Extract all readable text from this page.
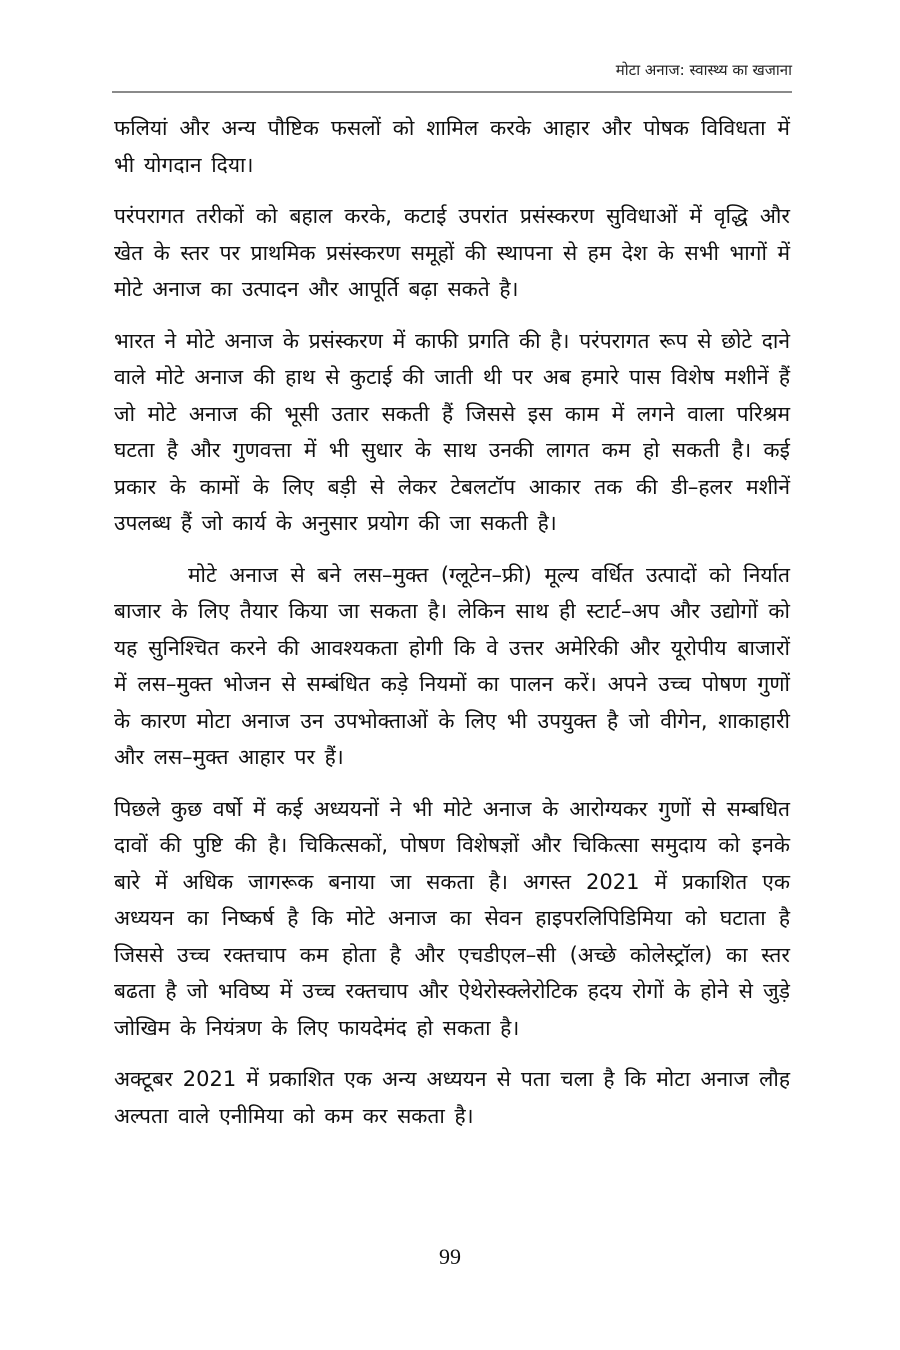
मोटा अनाज: स्वास्थ्य का खजाना

फलियां और अन्य पौष्टिक फसलों को शामिल करके आहार और पोषक विविधता में भी योगदान दिया।

परंपरागत तरीकों को बहाल करके, कटाई उपरांत प्रसंस्करण सुविधाओं में वृद्धि और खेत के स्तर पर प्राथमिक प्रसंस्करण समूहों की स्थापना से हम देश के सभी भागों में मोटे अनाज का उत्पादन और आपूर्ति बढ़ा सकते है।

भारत ने मोटे अनाज के प्रसंस्करण में काफी प्रगति की है। परंपरागत रूप से छोटे दाने वाले मोटे अनाज की हाथ से कुटाई की जाती थी पर अब हमारे पास विशेष मशीनें हैं जो मोटे अनाज की भूसी उतार सकती हैं जिससे इस काम में लगने वाला परिश्रम घटता है और गुणवत्ता में भी सुधार के साथ उनकी लागत कम हो सकती है। कई प्रकार के कामों के लिए बड़ी से लेकर टेबलटॉप आकार तक की डी–हलर मशीनें उपलब्ध हैं जो कार्य के अनुसार प्रयोग की जा सकती है।

मोटे अनाज से बने लस–मुक्त (ग्लूटेन–फ्री) मूल्य वर्धित उत्पादों को निर्यात बाजार के लिए तैयार किया जा सकता है। लेकिन साथ ही स्टार्ट–अप और उद्योगों को यह सुनिश्चित करने की आवश्यकता होगी कि वे उत्तर अमेरिकी और यूरोपीय बाजारों में लस–मुक्त भोजन से सम्बंधित कड़े नियमों का पालन करें। अपने उच्च पोषण गुणों के कारण मोटा अनाज उन उपभोक्ताओं के लिए भी उपयुक्त है जो वीगेन, शाकाहारी और लस–मुक्त आहार पर हैं।

पिछले कुछ वर्षो में कई अध्ययनों ने भी मोटे अनाज के आरोग्यकर गुणों से सम्बधित दावों की पुष्टि की है। चिकित्सकों, पोषण विशेषज्ञों और चिकित्सा समुदाय को इनके बारे में अधिक जागरूक बनाया जा सकता है। अगस्त 2021 में प्रकाशित एक अध्ययन का निष्कर्ष है कि मोटे अनाज का सेवन हाइपरलिपिडिमिया को घटाता है जिससे उच्च रक्तचाप कम होता है और एचडीएल–सी (अच्छे कोलेस्ट्रॉल) का स्तर बढता है जो भविष्य में उच्च रक्तचाप और ऐथेरोस्क्लेरोटिक हदय रोगों के होने से जुड़े जोखिम के नियंत्रण के लिए फायदेमंद हो सकता है।

अक्टूबर 2021 में प्रकाशित एक अन्य अध्ययन से पता चला है कि मोटा अनाज लौह अल्पता वाले एनीमिया को कम कर सकता है।

99
